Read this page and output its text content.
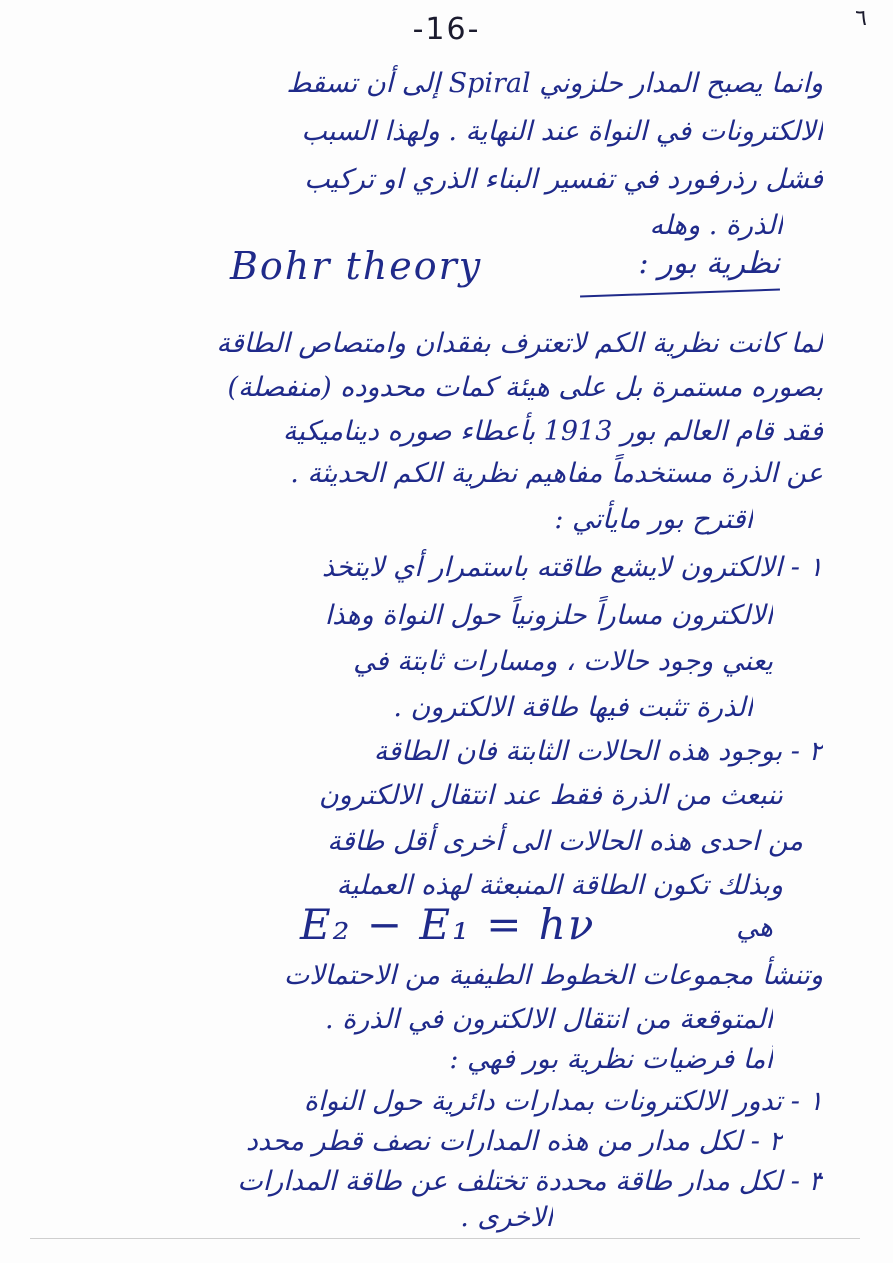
-16-	٦
وانما يصبح المدار حلزوني Spiral إلى أن تسقط
الالكترونات في النواة عند النهاية . ولهذا السبب
فشل رذرفورد في تفسير البناء الذري او تركيب
الذرة . وهله
Bohr theory	نظرية بور :
لما كانت نظرية الكم لاتعترف بفقدان وامتصاص الطاقة
بصوره مستمرة بل على هيئة كمات محدوده (منفصلة)
فقد قام العالم بور 1913 بأعطاء صوره ديناميكية
عن الذرة مستخدماً مفاهيم نظرية الكم الحديثة .
اقترح بور مايأتي :
١ - الالكترون لايشع طاقته باستمرار أي لايتخذ
الالكترون مساراً حلزونياً حول النواة وهذا
يعني وجود حالات ، ومسارات ثابتة في
الذرة تثبت فيها طاقة الالكترون .
٢ - بوجود هذه الحالات الثابتة فان الطاقة
تنبعث من الذرة فقط عند انتقال الالكترون
من احدى هذه الحالات الى أخرى أقل طاقة
وبذلك تكون الطاقة المنبعثة لهذه العملية
هي
E₂ − E₁ = hν
وتنشأ مجموعات الخطوط الطيفية من الاحتمالات
المتوقعة من انتقال الالكترون في الذرة .
أما فرضيات نظرية بور فهي :
١ - تدور الالكترونات بمدارات دائرية حول النواة
٢ - لكل مدار من هذه المدارات نصف قطر محدد
٣ - لكل مدار طاقة محددة تختلف عن طاقة المدارات
الاخرى .
